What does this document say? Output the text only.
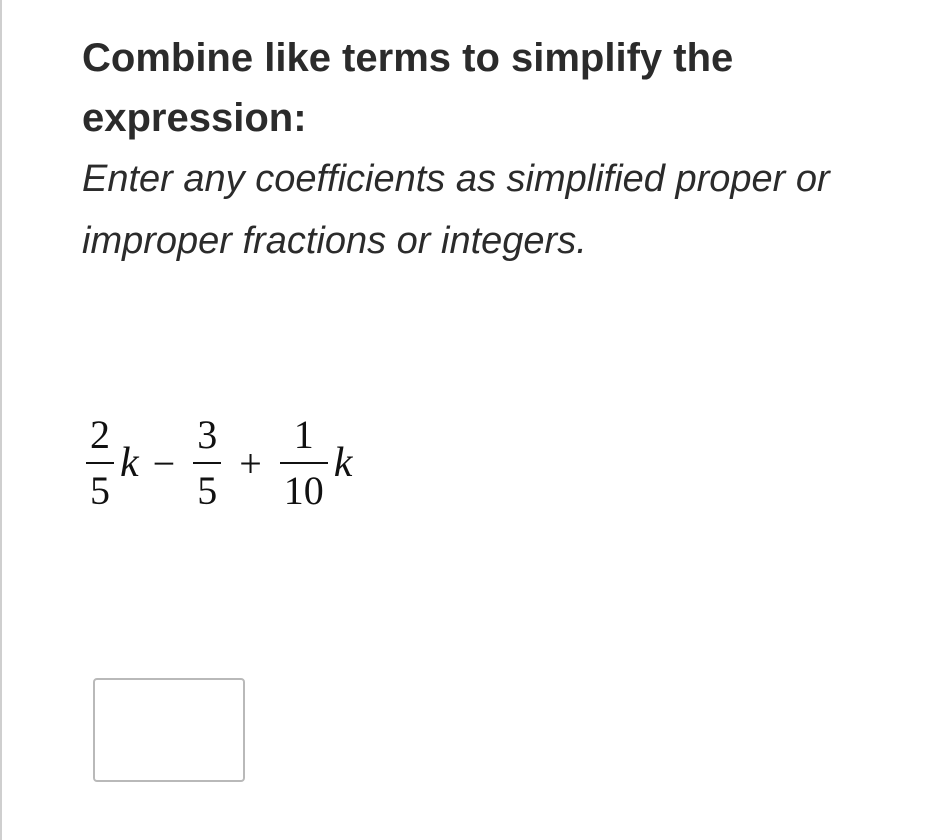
Combine like terms to simplify the expression:

Enter any coefficients as simplified proper or improper fractions or integers.

$\frac{2}{5}$ $k - \frac{3}{5} + \frac{1}{10}$ k
